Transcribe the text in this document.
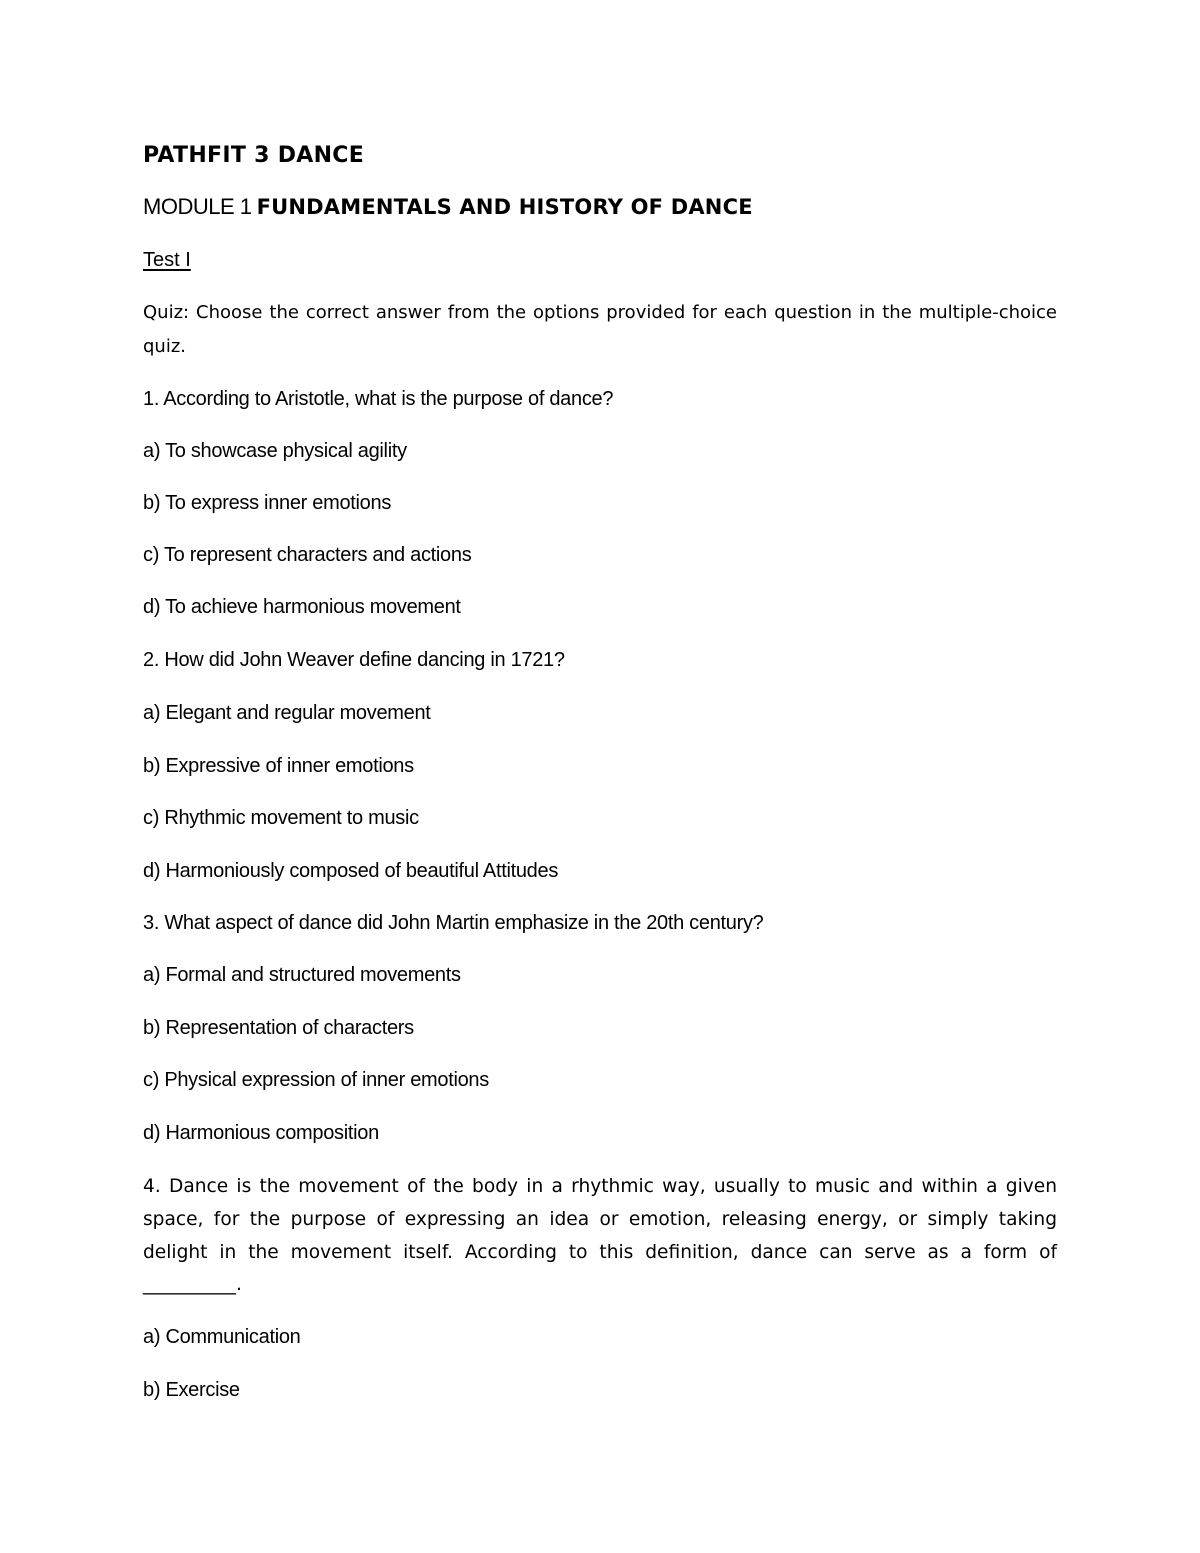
PATHFIT 3 DANCE
MODULE 1 FUNDAMENTALS AND HISTORY OF DANCE
Test I
Quiz: Choose the correct answer from the options provided for each question in the multiple-choice quiz.
1. According to Aristotle, what is the purpose of dance?
a) To showcase physical agility
b) To express inner emotions
c) To represent characters and actions
d) To achieve harmonious movement
2. How did John Weaver define dancing in 1721?
a) Elegant and regular movement
b) Expressive of inner emotions
c) Rhythmic movement to music
d) Harmoniously composed of beautiful Attitudes
3. What aspect of dance did John Martin emphasize in the 20th century?
a) Formal and structured movements
b) Representation of characters
c) Physical expression of inner emotions
d) Harmonious composition
4. Dance is the movement of the body in a rhythmic way, usually to music and within a given space, for the purpose of expressing an idea or emotion, releasing energy, or simply taking delight in the movement itself. According to this definition, dance can serve as a form of
__________.
a) Communication
b) Exercise
